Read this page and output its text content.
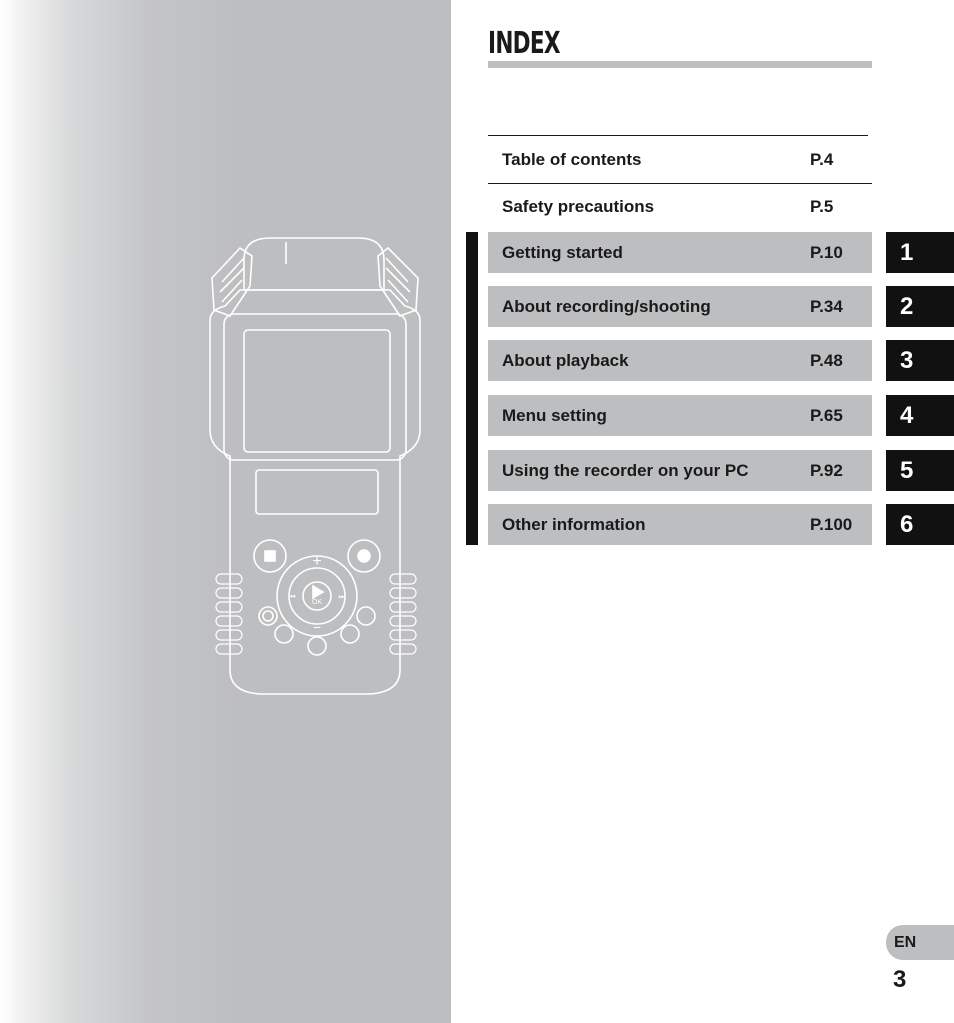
OK
+
−
⏮	⏭
INDEX
Table of contents	P.4
Safety precautions	P.5
Getting started	P.10	1
About recording/shooting	P.34	2
About playback	P.48	3
Menu setting	P.65	4
Using the recorder on your PC	P.92	5
Other information	P.100	6
EN
3
